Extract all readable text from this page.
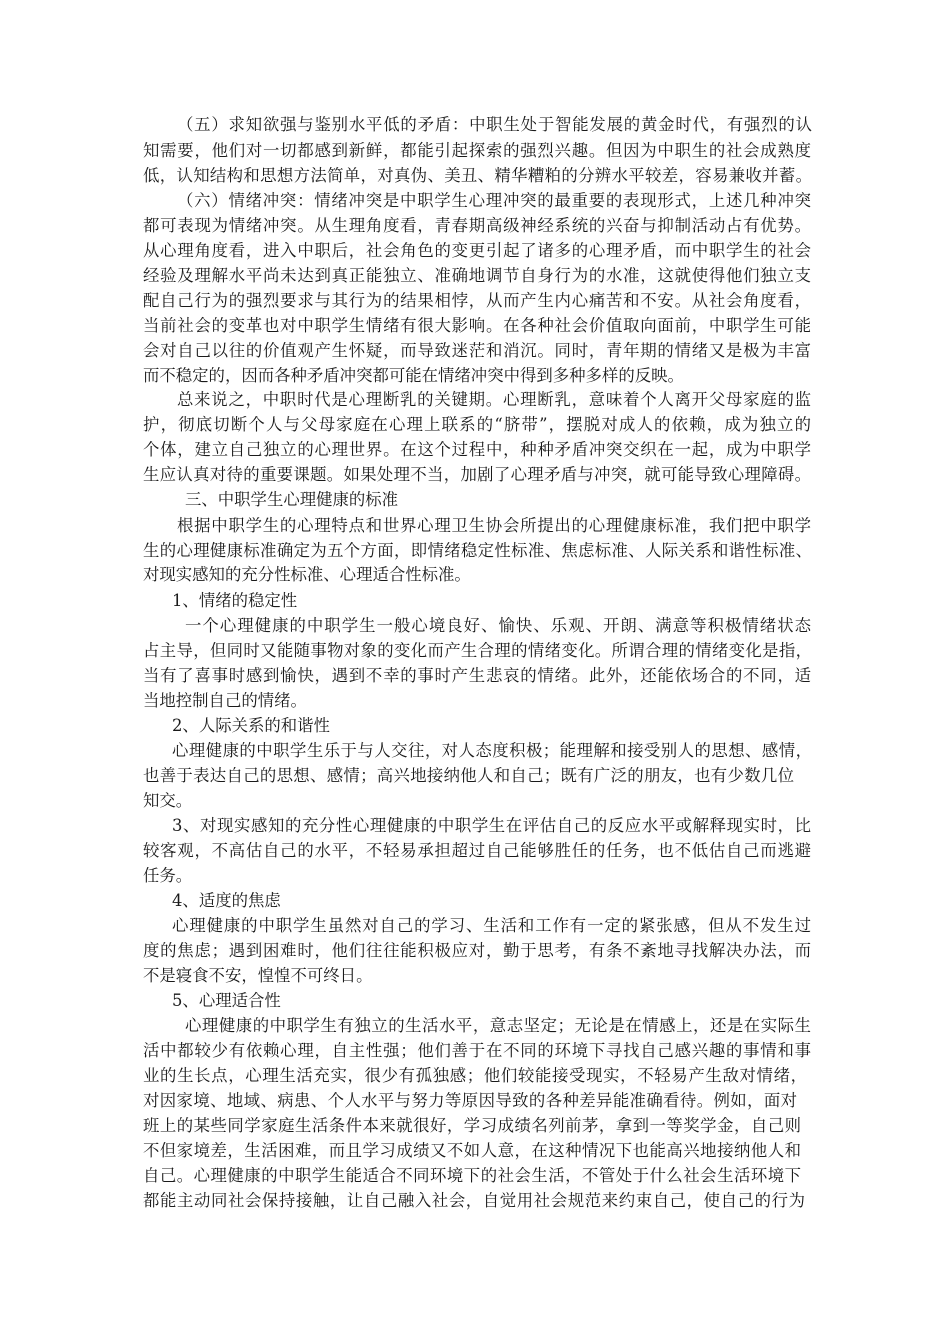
（五）求知欲强与鉴别水平低的矛盾：中职生处于智能发展的黄金时代，有强烈的认
知需要，他们对一切都感到新鲜，都能引起探索的强烈兴趣。但因为中职生的社会成熟度
低，认知结构和思想方法简单，对真伪、美丑、精华糟粕的分辨水平较差，容易兼收并蓄。
（六）情绪冲突：情绪冲突是中职学生心理冲突的最重要的表现形式，上述几种冲突
都可表现为情绪冲突。从生理角度看，青春期高级神经系统的兴奋与抑制活动占有优势。
从心理角度看，进入中职后，社会角色的变更引起了诸多的心理矛盾，而中职学生的社会
经验及理解水平尚未达到真正能独立、准确地调节自身行为的水准，这就使得他们独立支
配自己行为的强烈要求与其行为的结果相悖，从而产生内心痛苦和不安。从社会角度看，
当前社会的变革也对中职学生情绪有很大影响。在各种社会价值取向面前，中职学生可能
会对自己以往的价值观产生怀疑，而导致迷茫和消沉。同时，青年期的情绪又是极为丰富
而不稳定的，因而各种矛盾冲突都可能在情绪冲突中得到多种多样的反映。
总来说之，中职时代是心理断乳的关键期。心理断乳，意味着个人离开父母家庭的监
护，彻底切断个人与父母家庭在心理上联系的“脐带”，摆脱对成人的依赖，成为独立的
个体，建立自己独立的心理世界。在这个过程中，种种矛盾冲突交织在一起，成为中职学
生应认真对待的重要课题。如果处理不当，加剧了心理矛盾与冲突，就可能导致心理障碍。
三、中职学生心理健康的标准
根据中职学生的心理特点和世界心理卫生协会所提出的心理健康标准，我们把中职学
生的心理健康标准确定为五个方面，即情绪稳定性标准、焦虑标准、人际关系和谐性标准、
对现实感知的充分性标准、心理适合性标准。
1、情绪的稳定性
一个心理健康的中职学生一般心境良好、愉快、乐观、开朗、满意等积极情绪状态
占主导，但同时又能随事物对象的变化而产生合理的情绪变化。所谓合理的情绪变化是指，
当有了喜事时感到愉快，遇到不幸的事时产生悲哀的情绪。此外，还能依场合的不同，适
当地控制自己的情绪。
2、人际关系的和谐性
心理健康的中职学生乐于与人交往，对人态度积极；能理解和接受别人的思想、感情，
也善于表达自己的思想、感情；高兴地接纳他人和自己；既有广泛的朋友，也有少数几位
知交。
3、对现实感知的充分性心理健康的中职学生在评估自己的反应水平或解释现实时，比
较客观，不高估自己的水平，不轻易承担超过自己能够胜任的任务，也不低估自己而逃避
任务。
4、适度的焦虑
心理健康的中职学生虽然对自己的学习、生活和工作有一定的紧张感，但从不发生过
度的焦虑；遇到困难时，他们往往能积极应对，勤于思考，有条不紊地寻找解决办法，而
不是寝食不安，惶惶不可终日。
5、心理适合性
心理健康的中职学生有独立的生活水平，意志坚定；无论是在情感上，还是在实际生
活中都较少有依赖心理，自主性强；他们善于在不同的环境下寻找自己感兴趣的事情和事
业的生长点，心理生活充实，很少有孤独感；他们较能接受现实，不轻易产生敌对情绪，
对因家境、地域、病患、个人水平与努力等原因导致的各种差异能准确看待。例如，面对
班上的某些同学家庭生活条件本来就很好，学习成绩名列前茅，拿到一等奖学金，自己则
不但家境差，生活困难，而且学习成绩又不如人意，在这种情况下也能高兴地接纳他人和
自己。心理健康的中职学生能适合不同环境下的社会生活，不管处于什么社会生活环境下
都能主动同社会保持接触，让自己融入社会，自觉用社会规范来约束自己，使自己的行为
